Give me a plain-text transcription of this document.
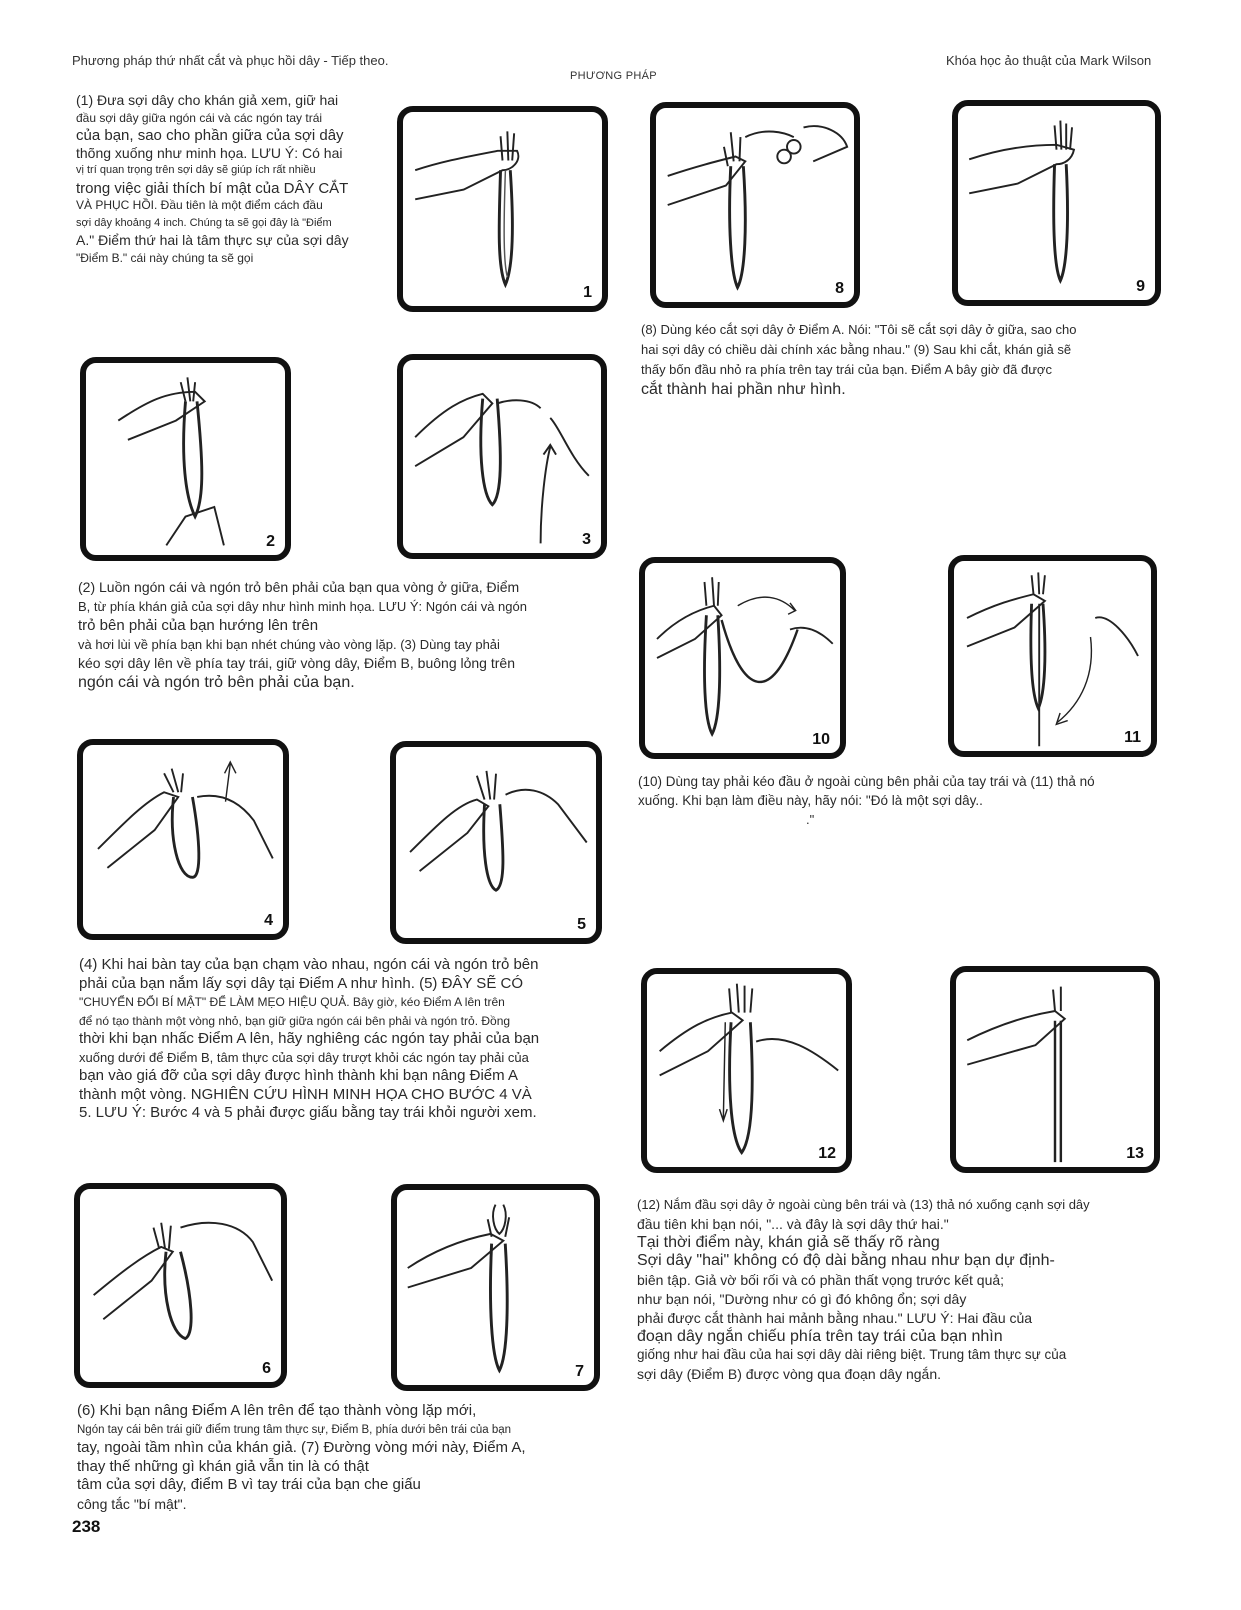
Phương pháp thứ nhất cắt và phục hồi dây - Tiếp theo.	Khóa học ảo thuật của Mark Wilson
PHƯƠNG PHÁP
1	8	9
2	3
10	11
4	5
12	13
6	7
(1) Đưa sợi dây cho khán giả xem, giữ hai
đầu sợi dây giữa ngón cái và các ngón tay trái
của bạn, sao cho phần giữa của sợi dây
thõng xuống như minh họa. LƯU Ý: Có hai
vị trí quan trọng trên sợi dây sẽ giúp ích rất nhiều
trong việc giải thích bí mật của DÂY CẮT
VÀ PHỤC HỒI. Đầu tiên là một điểm cách đầu
sợi dây khoảng 4 inch. Chúng ta sẽ gọi đây là "Điểm
A." Điểm thứ hai là tâm thực sự của sợi dây
"Điểm B." cái này chúng ta sẽ gọi
(8) Dùng kéo cắt sợi dây ở Điểm A. Nói: "Tôi sẽ cắt sợi dây ở giữa, sao cho
hai sợi dây có chiều dài chính xác bằng nhau." (9) Sau khi cắt, khán giả sẽ
thấy bốn đầu nhỏ ra phía trên tay trái của bạn. Điểm A bây giờ đã được
cắt thành hai phần như hình.
(2) Luồn ngón cái và ngón trỏ bên phải của bạn qua vòng ở giữa, Điểm
B, từ phía khán giả của sợi dây như hình minh họa. LƯU Ý: Ngón cái và ngón
trỏ bên phải của bạn hướng lên trên
và hơi lùi về phía bạn khi bạn nhét chúng vào vòng lặp. (3) Dùng tay phải
kéo sợi dây lên về phía tay trái, giữ vòng dây, Điểm B, buông lỏng trên
ngón cái và ngón trỏ bên phải của bạn.
(10) Dùng tay phải kéo đầu ở ngoài cùng bên phải của tay trái và (11) thả nó
xuống. Khi bạn làm điều này, hãy nói: "Đó là một sợi dây..
."
(4) Khi hai bàn tay của bạn chạm vào nhau, ngón cái và ngón trỏ bên
phải của bạn nắm lấy sợi dây tại Điểm A như hình. (5) ĐÂY SẼ CÓ
"CHUYỂN ĐỔI BÍ MẬT" ĐỂ LÀM MẸO HIỆU QUẢ. Bây giờ, kéo Điểm A lên trên
để nó tạo thành một vòng nhỏ, bạn giữ giữa ngón cái bên phải và ngón trỏ. Đồng
thời khi bạn nhấc Điểm A lên, hãy nghiêng các ngón tay phải của bạn
xuống dưới để Điểm B, tâm thực của sợi dây trượt khỏi các ngón tay phải của
bạn vào giá đỡ của sợi dây được hình thành khi bạn nâng Điểm A
thành một vòng. NGHIÊN CỨU HÌNH MINH HỌA CHO BƯỚC 4 VÀ
5. LƯU Ý: Bước 4 và 5 phải được giấu bằng tay trái khỏi người xem.
(12) Nắm đầu sợi dây ở ngoài cùng bên trái và (13) thả nó xuống cạnh sợi dây
đầu tiên khi bạn nói, "... và đây là sợi dây thứ hai."
Tại thời điểm này, khán giả sẽ thấy rõ ràng
Sợi dây "hai" không có độ dài bằng nhau như bạn dự định-
biên tập. Giả vờ bối rối và có phần thất vọng trước kết quả;
như bạn nói, "Dường như có gì đó không ổn; sợi dây
phải được cắt thành hai mảnh bằng nhau." LƯU Ý: Hai đầu của
đoạn dây ngắn chiếu phía trên tay trái của bạn nhìn
giống như hai đầu của hai sợi dây dài riêng biệt. Trung tâm thực sự của
sợi dây (Điểm B) được vòng qua đoạn dây ngắn.
(6) Khi bạn nâng Điểm A lên trên để tạo thành vòng lặp mới,
Ngón tay cái bên trái giữ điểm trung tâm thực sự, Điểm B, phía dưới bên trái của bạn
tay, ngoài tầm nhìn của khán giả. (7) Đường vòng mới này, Điểm A,
thay thế những gì khán giả vẫn tin là có thật
tâm của sợi dây, điểm B vì tay trái của bạn che giấu
công tắc "bí mật".
238
